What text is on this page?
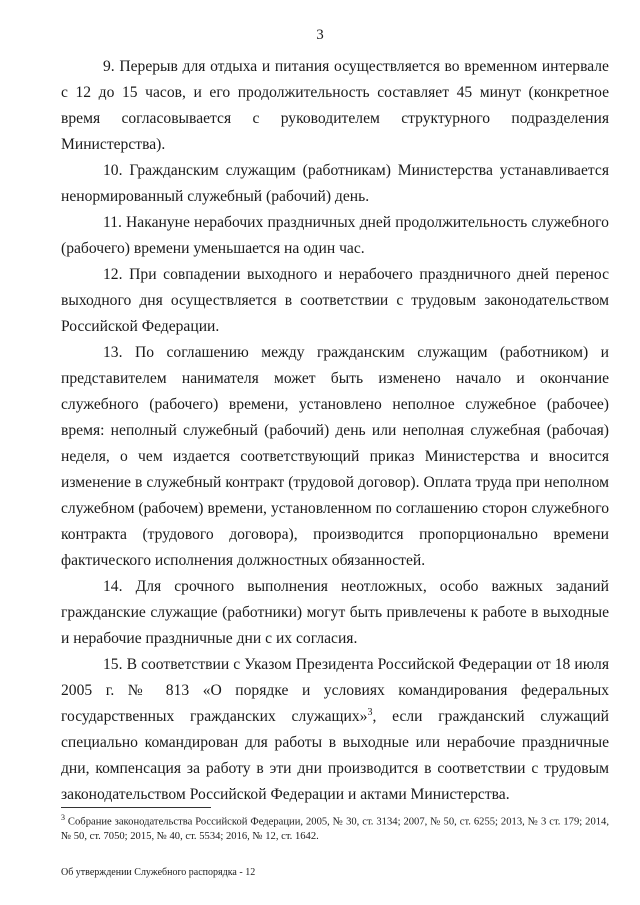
3

9. Перерыв для отдыха и питания осуществляется во временном интервале с 12 до 15 часов, и его продолжительность составляет 45 минут (конкретное время согласовывается с руководителем структурного подразделения Министерства).

10. Гражданским служащим (работникам) Министерства устанавливается ненормированный служебный (рабочий) день.

11. Накануне нерабочих праздничных дней продолжительность служебного (рабочего) времени уменьшается на один час.

12. При совпадении выходного и нерабочего праздничного дней перенос выходного дня осуществляется в соответствии с трудовым законодательством Российской Федерации.

13. По соглашению между гражданским служащим (работником) и представителем нанимателя может быть изменено начало и окончание служебного (рабочего) времени, установлено неполное служебное (рабочее) время: неполный служебный (рабочий) день или неполная служебная (рабочая) неделя, о чем издается соответствующий приказ Министерства и вносится изменение в служебный контракт (трудовой договор). Оплата труда при неполном служебном (рабочем) времени, установленном по соглашению сторон служебного контракта (трудового договора), производится пропорционально времени фактического исполнения должностных обязанностей.

14. Для срочного выполнения неотложных, особо важных заданий гражданские служащие (работники) могут быть привлечены к работе в выходные и нерабочие праздничные дни с их согласия.

15. В соответствии с Указом Президента Российской Федерации от 18 июля 2005 г. № 813 «О порядке и условиях командирования федеральных государственных гражданских служащих»$^3$, если гражданский служащий специально командирован для работы в выходные или нерабочие праздничные дни, компенсация за работу в эти дни производится в соответствии с трудовым законодательством Российской Федерации и актами Министерства.

$^3$ Собрание законодательства Российской Федерации, 2005, № 30, ст. 3134; 2007, № 50, ст. 6255; 2013, № 3 ст. 179; 2014, № 50, ст. 7050; 2015, № 40, ст. 5534; 2016, № 12, ст. 1642.
Об утверждении Служебного распорядка - 12
